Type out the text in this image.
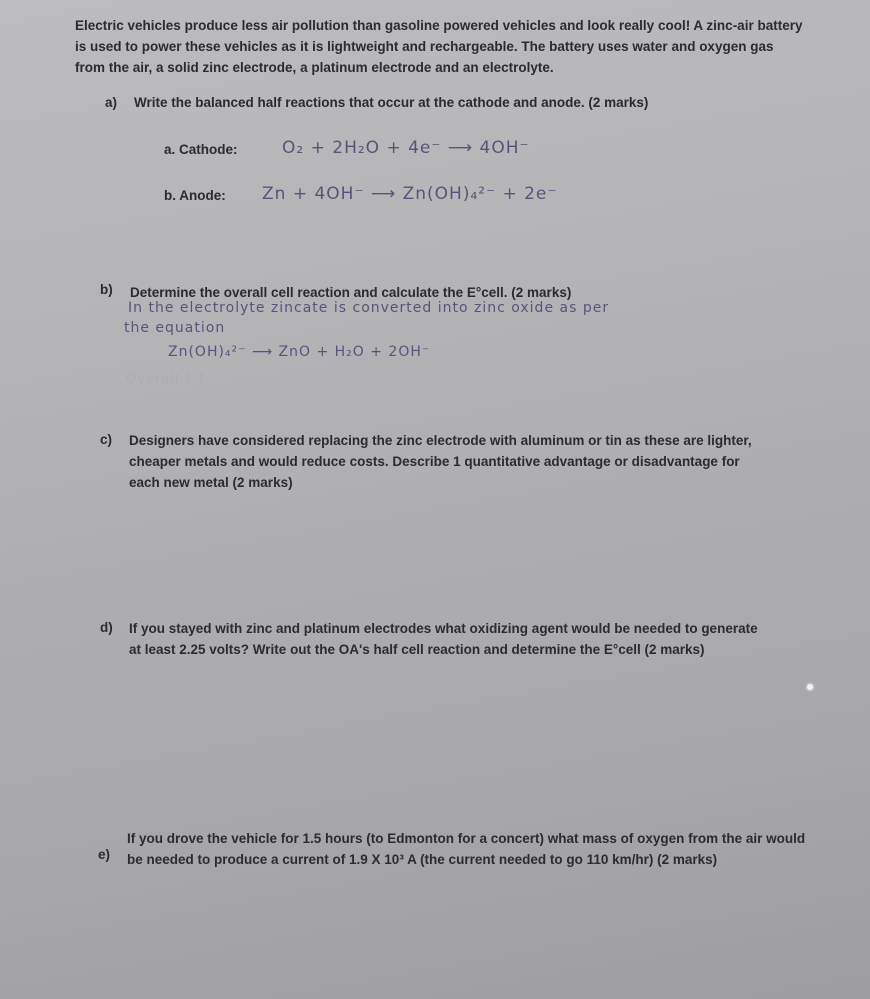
Electric vehicles produce less air pollution than gasoline powered vehicles and look really cool! A zinc-air battery is used to power these vehicles as it is lightweight and rechargeable. The battery uses water and oxygen gas from the air, a solid zinc electrode, a platinum electrode and an electrolyte.
a) Write the balanced half reactions that occur at the cathode and anode. (2 marks)
a. Cathode:	O₂ + 2H₂O + 4e⁻ ⟶ 4OH⁻
b. Anode: Zn + 4OH⁻ ⟶ Zn(OH)₄²⁻ + 2e⁻
b) Determine the overall cell reaction and calculate the E°cell. (2 marks)
In the electrolyte zincate is converted into zinc oxide as per
the equation
Zn(OH)₄²⁻ ⟶ ZnO + H₂O + 2OH⁻
Overall ? ?
c) Designers have considered replacing the zinc electrode with aluminum or tin as these are lighter, cheaper metals and would reduce costs. Describe 1 quantitative advantage or disadvantage for each new metal (2 marks)
d) If you stayed with zinc and platinum electrodes what oxidizing agent would be needed to generate at least 2.25 volts? Write out the OA's half cell reaction and determine the E°cell (2 marks)
e)
If you drove the vehicle for 1.5 hours (to Edmonton for a concert) what mass of oxygen from the air would be needed to produce a current of 1.9 X 10³ A (the current needed to go 110 km/hr) (2 marks)
